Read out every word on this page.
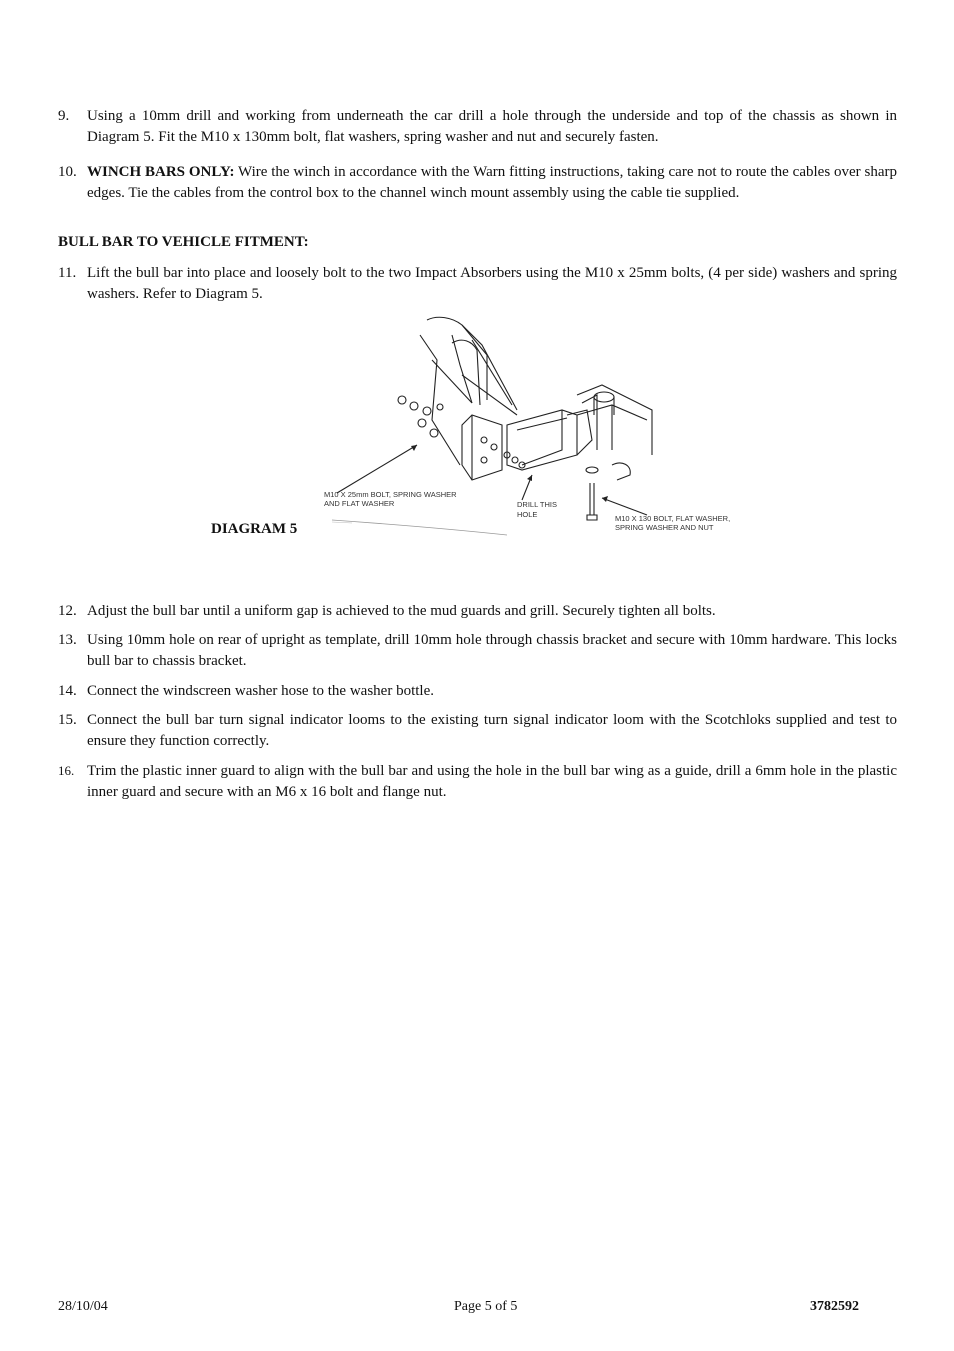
9. Using a 10mm drill and working from underneath the car drill a hole through the underside and top of the chassis as shown in Diagram 5. Fit the M10 x 130mm bolt, flat washers, spring washer and nut and securely fasten.
10. WINCH BARS ONLY: Wire the winch in accordance with the Warn fitting instructions, taking care not to route the cables over sharp edges. Tie the cables from the control box to the channel winch mount assembly using the cable tie supplied.
BULL BAR TO VEHICLE FITMENT:
11. Lift the bull bar into place and loosely bolt to the two Impact Absorbers using the M10 x 25mm bolts, (4 per side) washers and spring washers. Refer to Diagram 5.
M10 X 25mm BOLT, SPRING WASHER
AND FLAT WASHER	DRILL THIS
HOLE	M10 X 130 BOLT, FLAT WASHER,
SPRING WASHER AND NUT
DIAGRAM 5
12. Adjust the bull bar until a uniform gap is achieved to the mud guards and grill. Securely tighten all bolts.
13. Using 10mm hole on rear of upright as template, drill 10mm hole through chassis bracket and secure with 10mm hardware. This locks bull bar to chassis bracket.
14. Connect the windscreen washer hose to the washer bottle.
15. Connect the bull bar turn signal indicator looms to the existing turn signal indicator loom with the Scotchloks supplied and test to ensure they function correctly.
16. Trim the plastic inner guard to align with the bull bar and using the hole in the bull bar wing as a guide, drill a 6mm hole in the plastic inner guard and secure with an M6 x 16 bolt and flange nut.
28/10/04	Page 5 of 5	3782592
